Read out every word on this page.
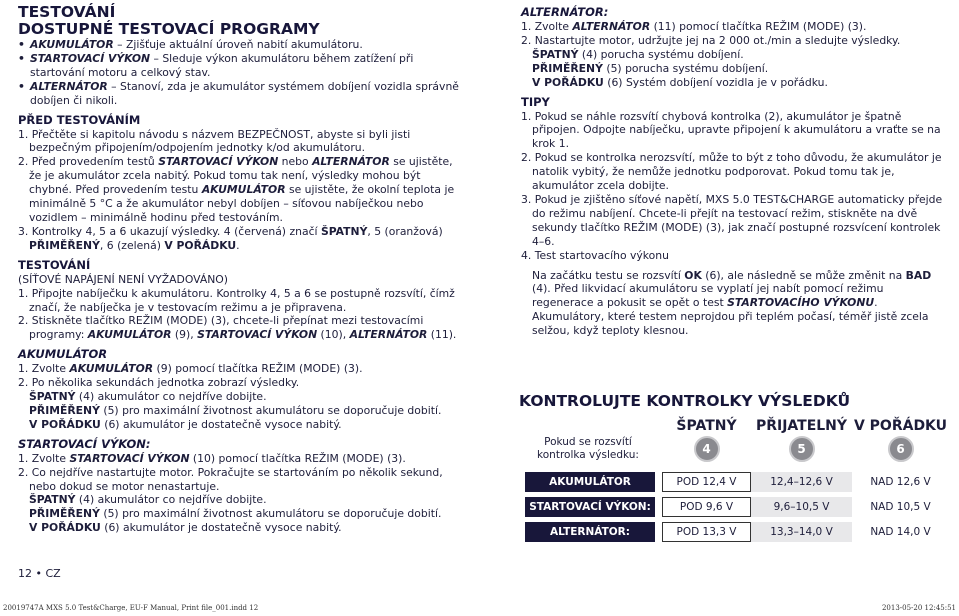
TESTOVÁNÍ
DOSTUPNÉ TESTOVACÍ PROGRAMY
• AKUMULÁTOR – Zjišťuje aktuální úroveň nabití akumulátoru.
• STARTOVACÍ VÝKON – Sleduje výkon akumulátoru během zatížení při startování motoru a celkový stav.
• ALTERNÁTOR – Stanoví, zda je akumulátor systémem dobíjení vozidla správně dobíjen či nikoli.
PŘED TESTOVÁNÍM

1. Přečtěte si kapitolu návodu s názvem BEZPEČNOST, abyste si byli jisti bezpečným připojením/odpojením jednotky k/od akumulátoru.

2. Před provedením testů STARTOVACÍ VÝKON nebo ALTERNÁTOR se ujistěte, že je akumulátor zcela nabitý. Pokud tomu tak není, výsledky mohou být chybné. Před provedením testu AKUMULÁTOR se ujistěte, že okolní teplota je minimálně 5 °C a že akumulátor nebyl dobíjen – síťovou nabíječkou nebo vozidlem – minimálně hodinu před testováním.

3. Kontrolky 4, 5 a 6 ukazují výsledky. 4 (červená) značí ŠPATNÝ, 5 (oranžová) PŘIMĚŘENÝ, 6 (zelená) V POŘÁDKU.

TESTOVÁNÍ

(SÍŤOVÉ NAPÁJENÍ NENÍ VYŽADOVÁNO)

1. Připojte nabíječku k akumulátoru. Kontrolky 4, 5 a 6 se postupně rozsvítí, čímž značí, že nabíječka je v testovacím režimu a je připravena.

2. Stiskněte tlačítko REŽIM (MODE) (3), chcete-li přepínat mezi testovacími programy: AKUMULÁTOR (9), STARTOVACÍ VÝKON (10), ALTERNÁTOR (11).

AKUMULÁTOR

1. Zvolte AKUMULÁTOR (9) pomocí tlačítka REŽIM (MODE) (3).

2. Po několika sekundách jednotka zobrazí výsledky.

ŠPATNÝ (4) akumulátor co nejdříve dobijte.

PŘIMĚŘENÝ (5) pro maximální životnost akumulátoru se doporučuje dobití.

V POŘÁDKU (6) akumulátor je dostatečně vysoce nabitý.

STARTOVACÍ VÝKON:

1. Zvolte STARTOVACÍ VÝKON (10) pomocí tlačítka REŽIM (MODE) (3).

2. Co nejdříve nastartujte motor. Pokračujte se startováním po několik sekund, nebo dokud se motor nenastartuje.

ŠPATNÝ (4) akumulátor co nejdříve dobijte.

PŘIMĚŘENÝ (5) pro maximální životnost akumulátoru se doporučuje dobití.

V POŘÁDKU (6) akumulátor je dostatečně vysoce nabitý.

ALTERNÁTOR:

1. Zvolte ALTERNÁTOR (11) pomocí tlačítka REŽIM (MODE) (3).

2. Nastartujte motor, udržujte jej na 2 000 ot./min a sledujte výsledky.

ŠPATNÝ (4) porucha systému dobíjení.

PŘIMĚŘENÝ (5) porucha systému dobíjení.

V POŘÁDKU (6) Systém dobíjení vozidla je v pořádku.

TIPY

1. Pokud se náhle rozsvítí chybová kontrolka (2), akumulátor je špatně připojen. Odpojte nabíječku, upravte připojení k akumulátoru a vraťte se na krok 1.

2. Pokud se kontrolka nerozsvítí, může to být z toho důvodu, že akumulátor je natolik vybitý, že nemůže jednotku podporovat. Pokud tomu tak je, akumulátor zcela dobijte.

3. Pokud je zjištěno síťové napětí, MXS 5.0 TEST&CHARGE automaticky přejde do režimu nabíjení. Chcete-li přejít na testovací režim, stiskněte na dvě sekundy tlačítko REŽIM (MODE) (3), jak značí postupné rozsvícení kontrolek 4–6.

4. Test startovacího výkonu

Na začátku testu se rozsvítí OK (6), ale následně se může změnit na BAD (4). Před likvidací akumulátoru se vyplatí jej nabít pomocí režimu regenerace a pokusit se opět o test STARTOVACÍHO VÝKONU. Akumulátory, které testem neprojdou při teplém počasí, téměř jistě zcela selžou, když teploty klesnou.

KONTROLUJTE KONTROLKY VÝSLEDKŮ
Pokud se rozsvítí kontrolka výsledku:
ŠPATNÝ
4
PŘIJATELNÝ
5
V POŘÁDKU
6
AKUMULÁTOR	POD 12,4 V	12,4–12,6 V	NAD 12,6 V
STARTOVACÍ VÝKON:	POD 9,6 V	9,6–10,5 V	NAD 10,5 V
ALTERNÁTOR:	POD 13,3 V	13,3–14,0 V	NAD 14,0 V
12 • CZ
20019747A MXS 5.0 Test&Charge, EU-F Manual, Print file_001.indd 12	2013-05-20 12:45:51
